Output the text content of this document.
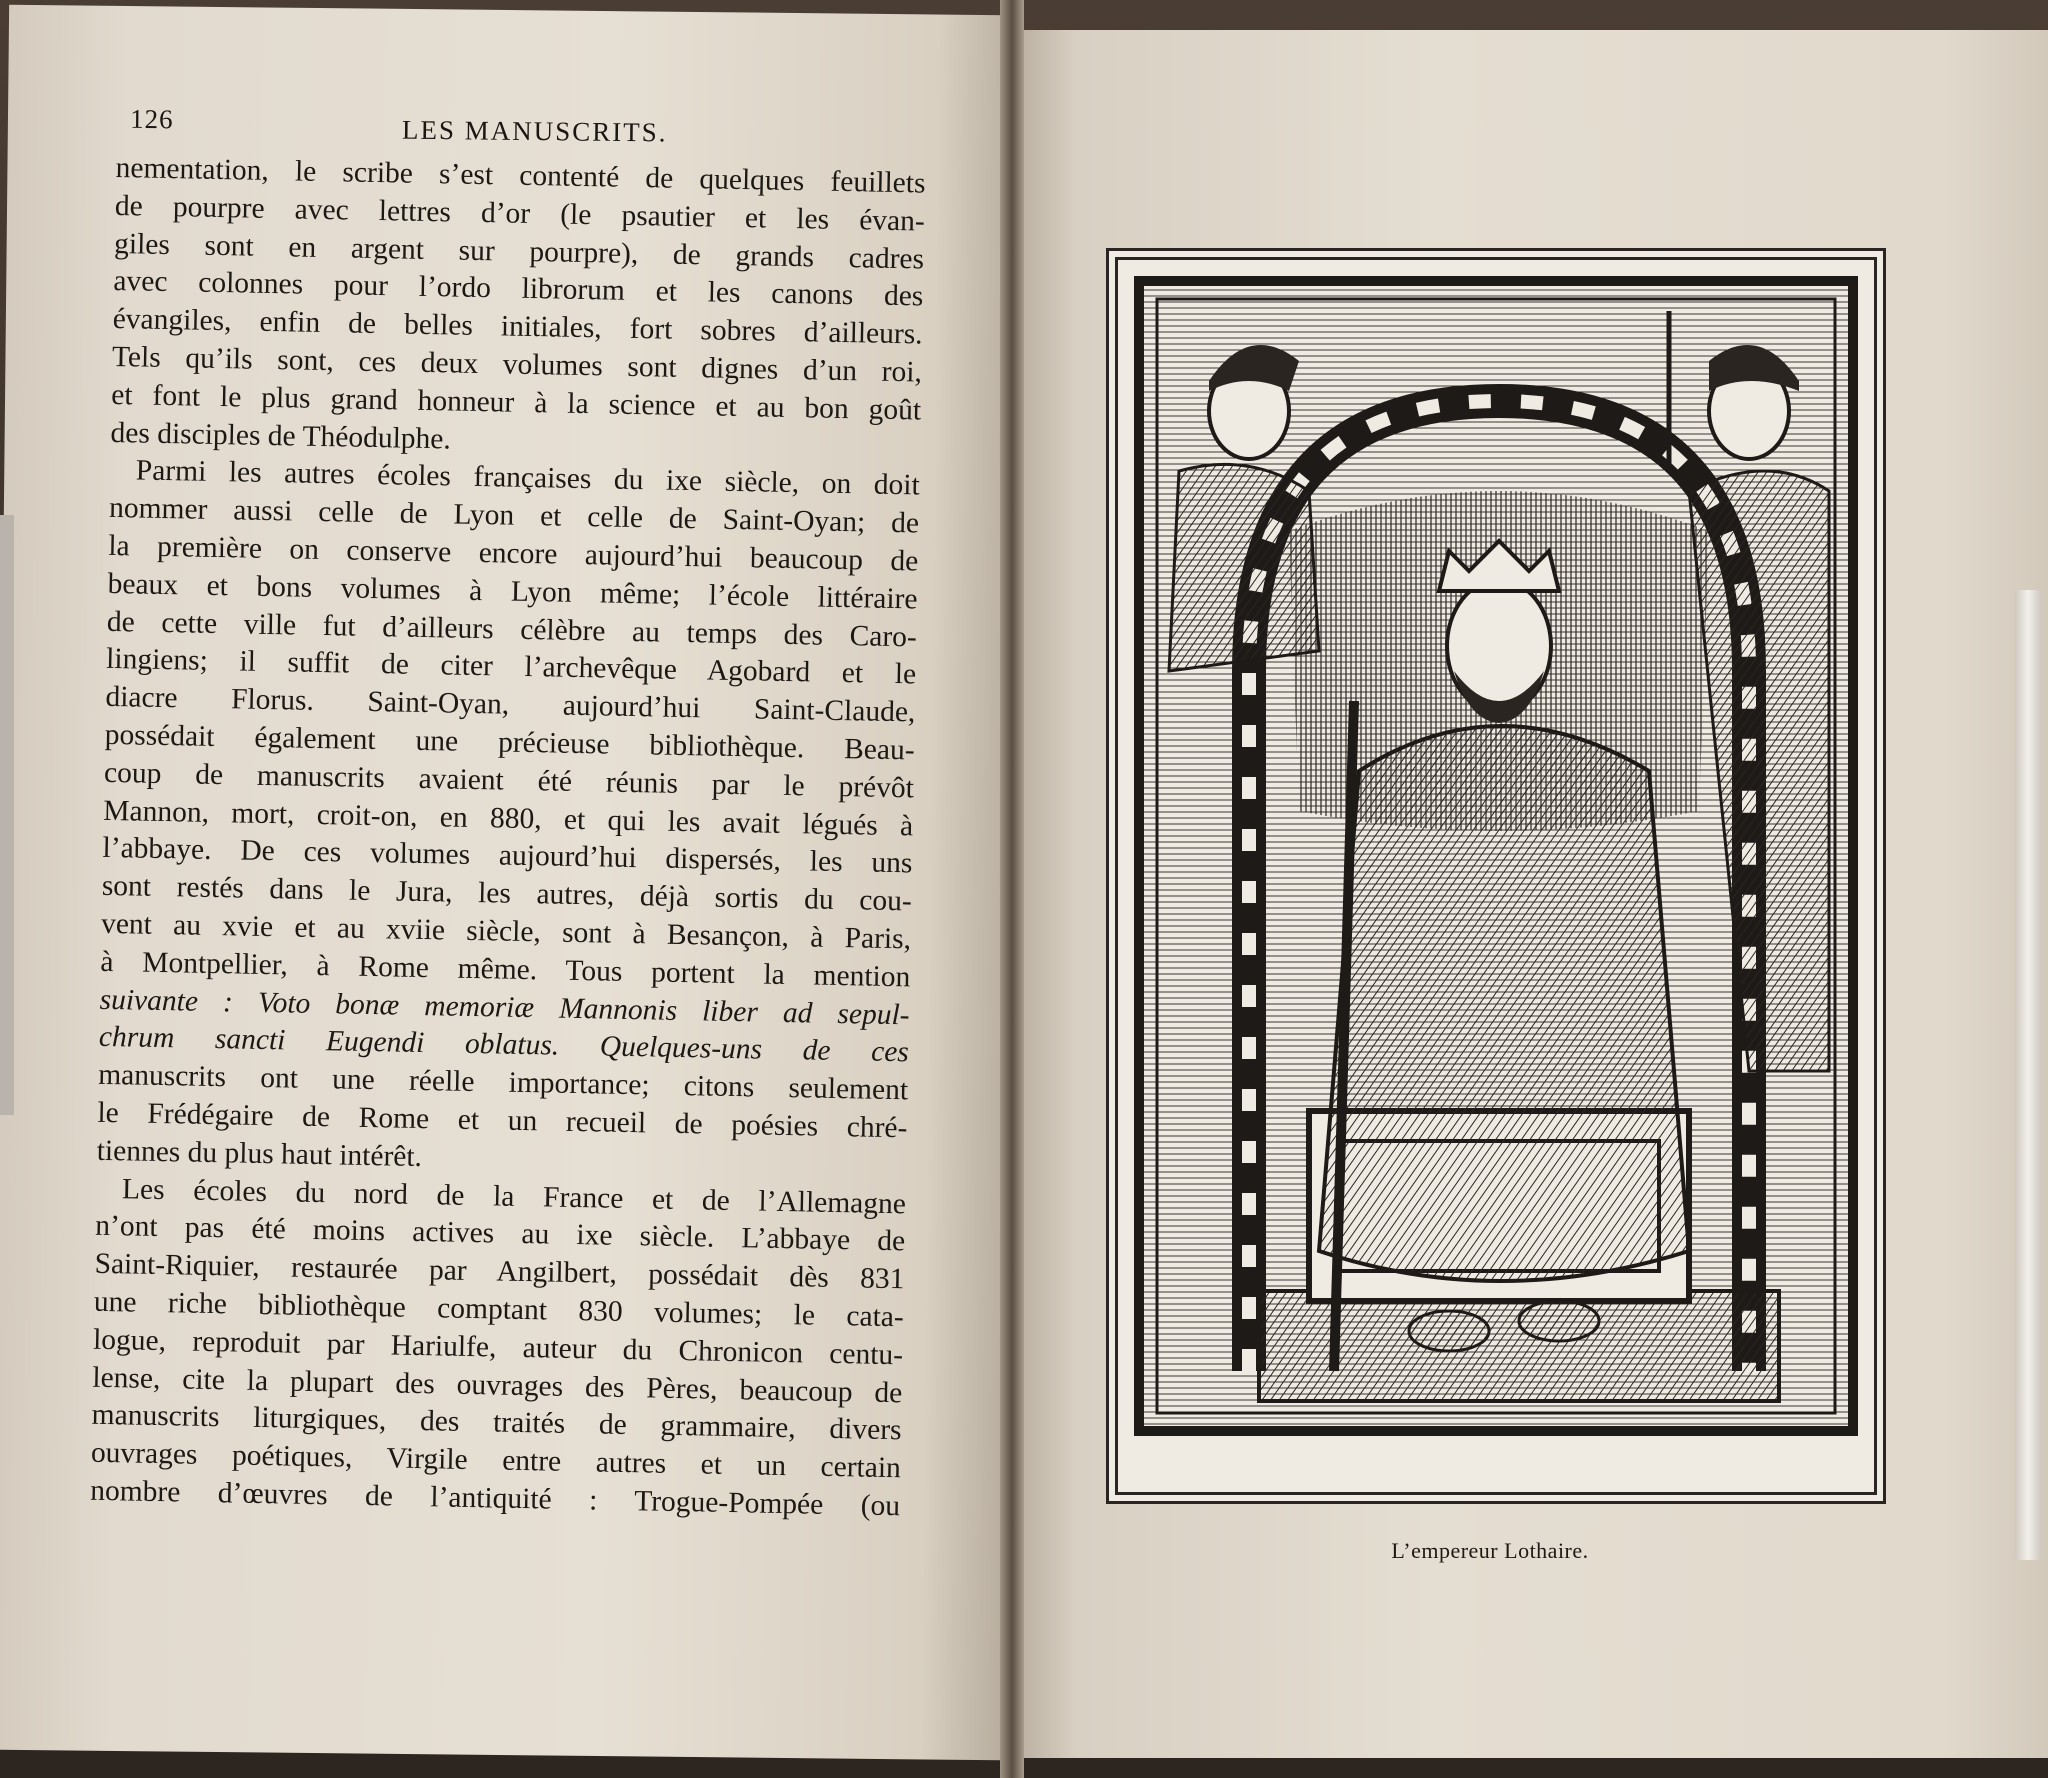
126	LES MANUSCRITS.

nementation, le scribe s’est contenté de quelques feuillets
de pourpre avec lettres d’or (le psautier et les évan-
giles sont en argent sur pourpre), de grands cadres
avec colonnes pour l’ordo librorum et les canons des
évangiles, enfin de belles initiales, fort sobres d’ailleurs.
Tels qu’ils sont, ces deux volumes sont dignes d’un roi,
et font le plus grand honneur à la science et au bon goût
des disciples de Théodulphe.

Parmi les autres écoles françaises du ixe siècle, on doit
nommer aussi celle de Lyon et celle de Saint-Oyan; de
la première on conserve encore aujourd’hui beaucoup de
beaux et bons volumes à Lyon même; l’école littéraire
de cette ville fut d’ailleurs célèbre au temps des Caro-
lingiens; il suffit de citer l’archevêque Agobard et le
diacre Florus. Saint-Oyan, aujourd’hui Saint-Claude,
possédait également une précieuse bibliothèque. Beau-
coup de manuscrits avaient été réunis par le prévôt
Mannon, mort, croit-on, en 880, et qui les avait légués à
l’abbaye. De ces volumes aujourd’hui dispersés, les uns
sont restés dans le Jura, les autres, déjà sortis du cou-
vent au xvie et au xviie siècle, sont à Besançon, à Paris,
à Montpellier, à Rome même. Tous portent la mention
suivante : Voto bonæ memoriæ Mannonis liber ad sepul-
chrum sancti Eugendi oblatus. Quelques-uns de ces
manuscrits ont une réelle importance; citons seulement
le Frédégaire de Rome et un recueil de poésies chré-
tiennes du plus haut intérêt.

Les écoles du nord de la France et de l’Allemagne
n’ont pas été moins actives au ixe siècle. L’abbaye de
Saint-Riquier, restaurée par Angilbert, possédait dès 831
une riche bibliothèque comptant 830 volumes; le cata-
logue, reproduit par Hariulfe, auteur du Chronicon centu-
lense, cite la plupart des ouvrages des Pères, beaucoup de
manuscrits liturgiques, des traités de grammaire, divers
ouvrages poétiques, Virgile entre autres et un certain
nombre d’œuvres de l’antiquité : Trogue-Pompée (ou

L’empereur Lothaire.
